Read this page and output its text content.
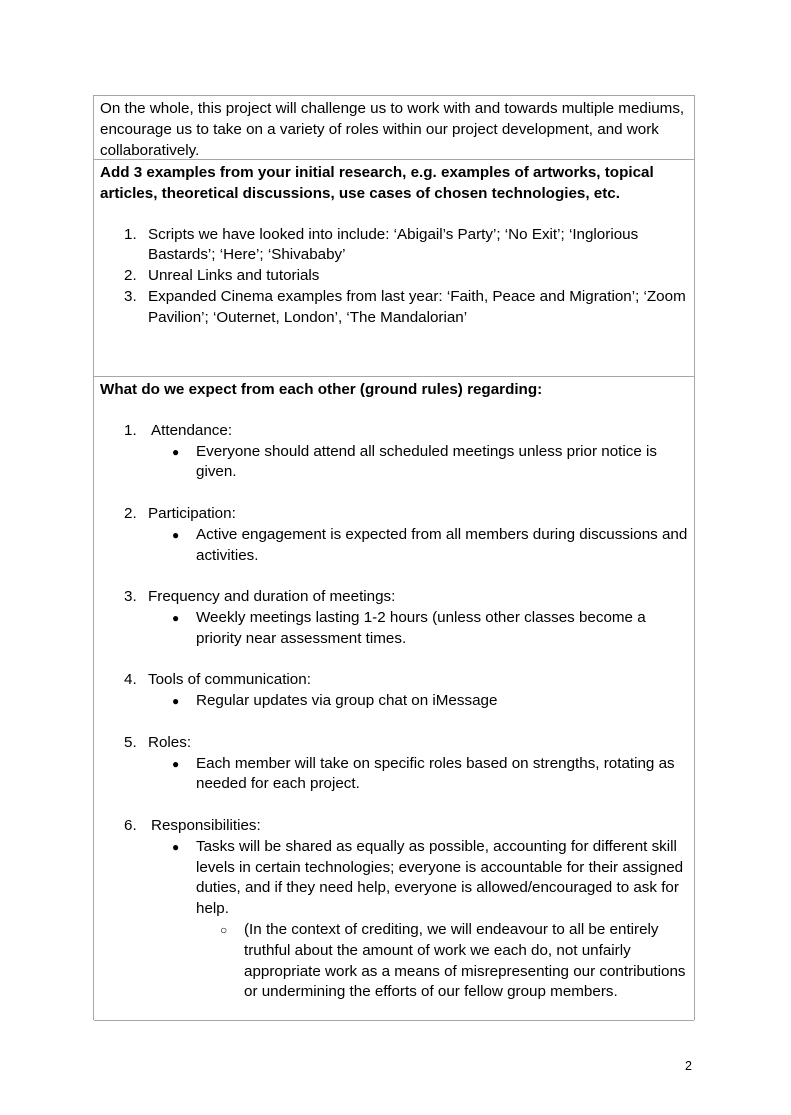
On the whole, this project will challenge us to work with and towards multiple mediums, encourage us to take on a variety of roles within our project development, and work collaboratively.

Add 3 examples from your initial research, e.g. examples of artworks, topical articles, theoretical discussions, use cases of chosen technologies, etc.

1. Scripts we have looked into include: ‘Abigail’s Party’; ‘No Exit’; ‘Inglorious Bastards’; ‘Here’; ‘Shivababy’
2. Unreal Links and tutorials
3. Expanded Cinema examples from last year: ‘Faith, Peace and Migration’; ‘Zoom Pavilion’; ‘Outernet, London’, ‘The Mandalorian’

What do we expect from each other (ground rules) regarding:

1. Attendance:
● Everyone should attend all scheduled meetings unless prior notice is given.
2. Participation:
● Active engagement is expected from all members during discussions and activities.
3. Frequency and duration of meetings:
● Weekly meetings lasting 1-2 hours (unless other classes become a priority near assessment times.
4. Tools of communication:
● Regular updates via group chat on iMessage
5. Roles:
● Each member will take on specific roles based on strengths, rotating as needed for each project.
6. Responsibilities:
● Tasks will be shared as equally as possible, accounting for different skill levels in certain technologies; everyone is accountable for their assigned duties, and if they need help, everyone is allowed/encouraged to ask for help.
○ (In the context of crediting, we will endeavour to all be entirely truthful about the amount of work we each do, not unfairly appropriate work as a means of misrepresenting our contributions or undermining the efforts of our fellow group members.
2
